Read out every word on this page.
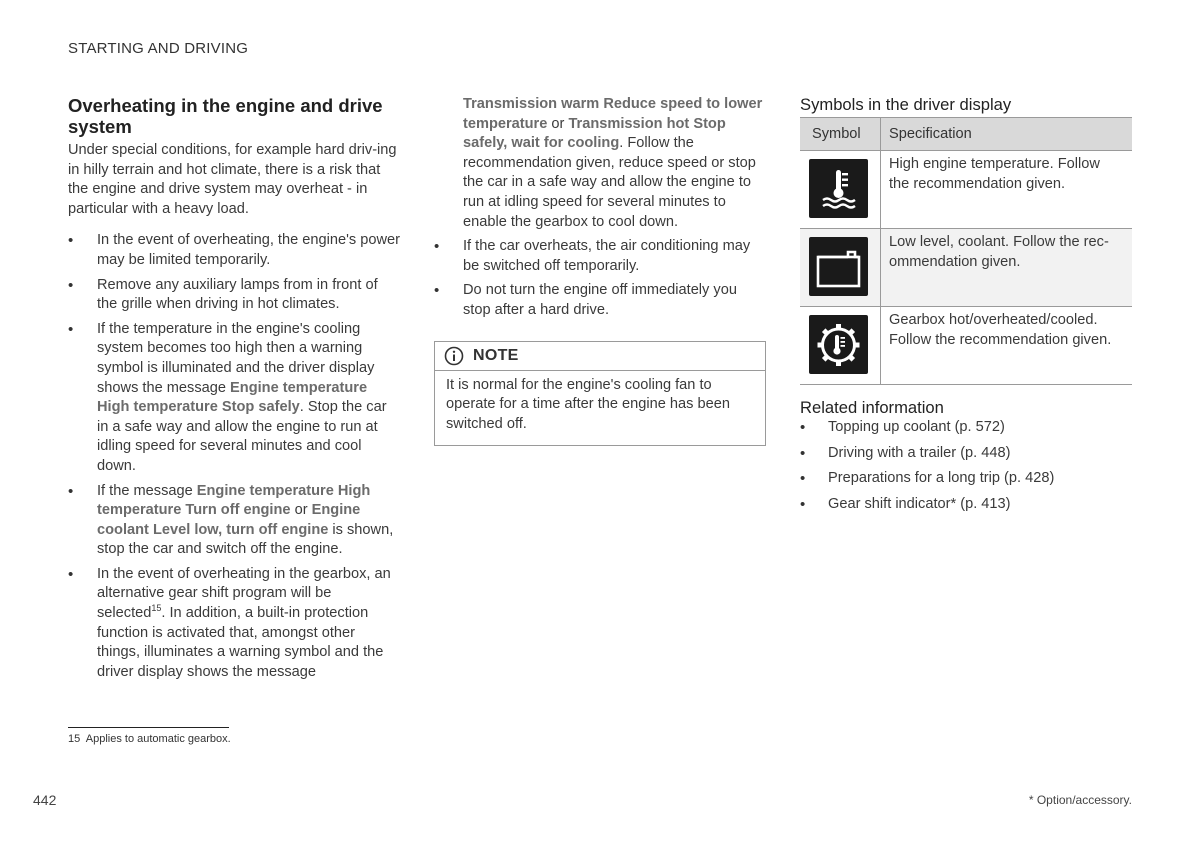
STARTING AND DRIVING
Overheating in the engine and drive system

Under special conditions, for example hard driv-ing in hilly terrain and hot climate, there is a risk that the engine and drive system may overheat - in particular with a heavy load.

• In the event of overheating, the engine's power may be limited temporarily.
• Remove any auxiliary lamps from in front of the grille when driving in hot climates.
• If the temperature in the engine's cooling system becomes too high then a warning symbol is illuminated and the driver display shows the message Engine temperature High temperature Stop safely. Stop the car in a safe way and allow the engine to run at idling speed for several minutes and cool down.
• If the message Engine temperature High temperature Turn off engine or Engine coolant Level low, turn off engine is shown, stop the car and switch off the engine.
• In the event of overheating in the gearbox, an alternative gear shift program will be selected$^{15}$. In addition, a built-in protection function is activated that, amongst other things, illuminates a warning symbol and the driver display shows the message

Transmission warm Reduce speed to lower temperature or Transmission hot Stop safely, wait for cooling. Follow the recommendation given, reduce speed or stop the car in a safe way and allow the engine to run at idling speed for several minutes to enable the gearbox to cool down.

• If the car overheats, the air conditioning may be switched off temporarily.
• Do not turn the engine off immediately you stop after a hard drive.
NOTE
It is normal for the engine's cooling fan to operate for a time after the engine has been switched off.
Symbols in the driver display
Symbol	Specification

	High engine temperature. Follow the recommendation given.

	Low level, coolant. Follow the rec-ommendation given.

	Gearbox hot/overheated/cooled. Follow the recommendation given.
Related information
• Topping up coolant (p. 572)
• Driving with a trailer (p. 448)
• Preparations for a long trip (p. 428)
• Gear shift indicator* (p. 413)
15 Applies to automatic gearbox.
442	* Option/accessory.
